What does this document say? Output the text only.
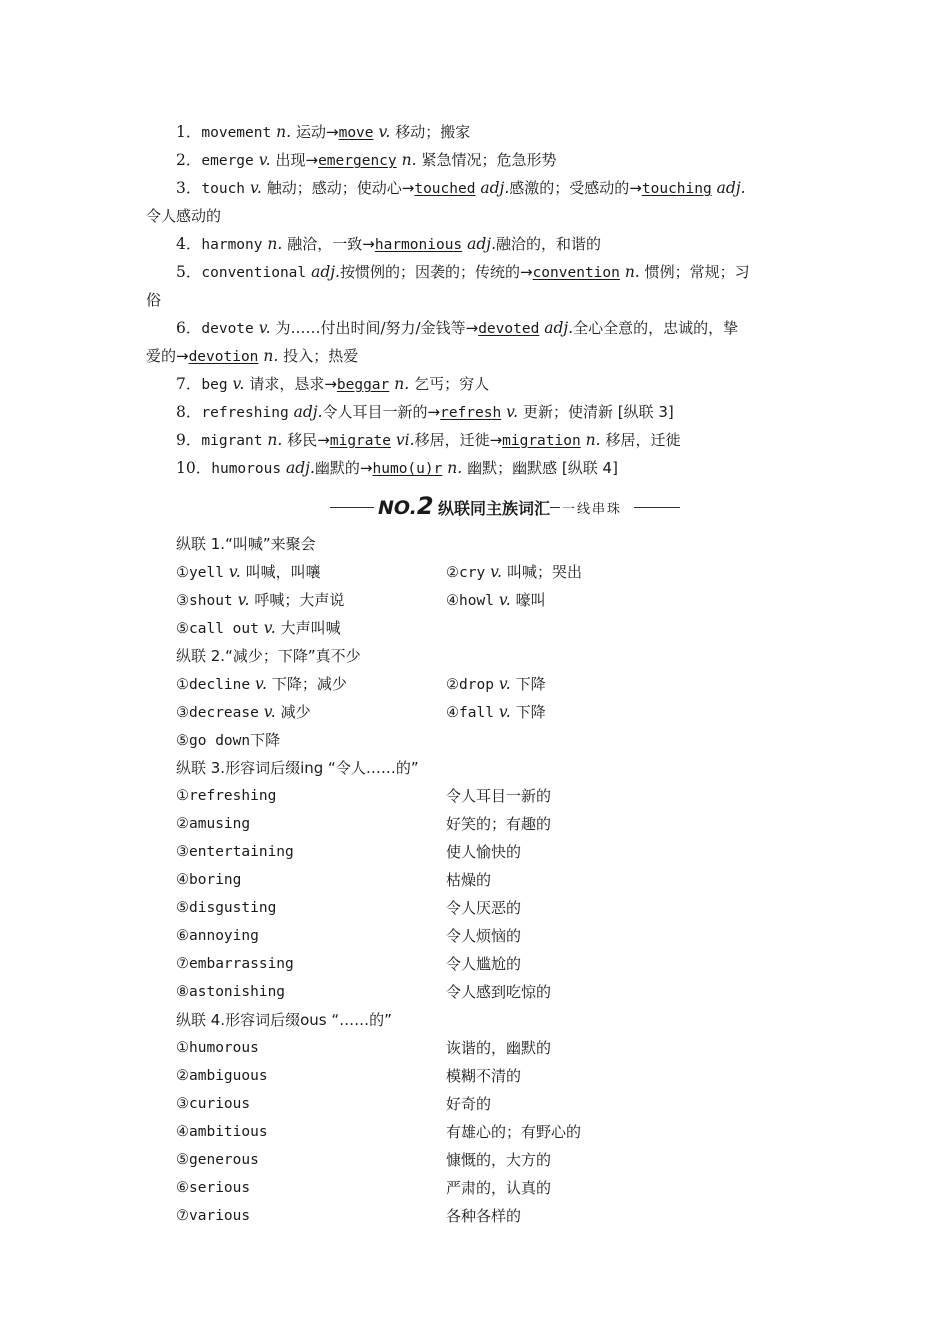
1．movement n. 运动→move v. 移动；搬家
2．emerge v. 出现→emergency n. 紧急情况；危急形势
3．touch v. 触动；感动；使动心→touched adj.感激的；受感动的→touching adj.
令人感动的
4．harmony n. 融洽，一致→harmonious adj.融洽的，和谐的
5．conventional adj.按惯例的；因袭的；传统的→convention n. 惯例；常规；习
俗
6．devote v. 为……付出时间/努力/金钱等→devoted adj.全心全意的，忠诚的，挚
爱的→devotion n. 投入；热爱
7．beg v. 请求，恳求→beggar n. 乞丐；穷人
8．refreshing adj.令人耳目一新的→refresh v. 更新；使清新 [纵联 3]
9．migrant n. 移民→migrate vi.移居，迁徙→migration n. 移居，迁徙
10．humorous adj.幽默的→humo(u)r n. 幽默；幽默感 [纵联 4]
NO.2 纵联同主族词汇 一线串珠
纵联 1.“叫喊”来聚会
①yell v. 叫喊，叫嚷	②cry v. 叫喊；哭出
③shout v. 呼喊；大声说	④howl v. 嚎叫
⑤call out v. 大声叫喊
纵联 2.“减少；下降”真不少
①decline v. 下降；减少	②drop v. 下降
③decrease v. 减少	④fall v. 下降
⑤go down下降
纵联 3.形容词后缀ing “令人……的”
①refreshing	令人耳目一新的
②amusing	好笑的；有趣的
③entertaining	使人愉快的
④boring	枯燥的
⑤disgusting	令人厌恶的
⑥annoying	令人烦恼的
⑦embarrassing	令人尴尬的
⑧astonishing	令人感到吃惊的
纵联 4.形容词后缀ous “……的”
①humorous	诙谐的，幽默的
②ambiguous	模糊不清的
③curious	好奇的
④ambitious	有雄心的；有野心的
⑤generous	慷慨的，大方的
⑥serious	严肃的，认真的
⑦various	各种各样的
